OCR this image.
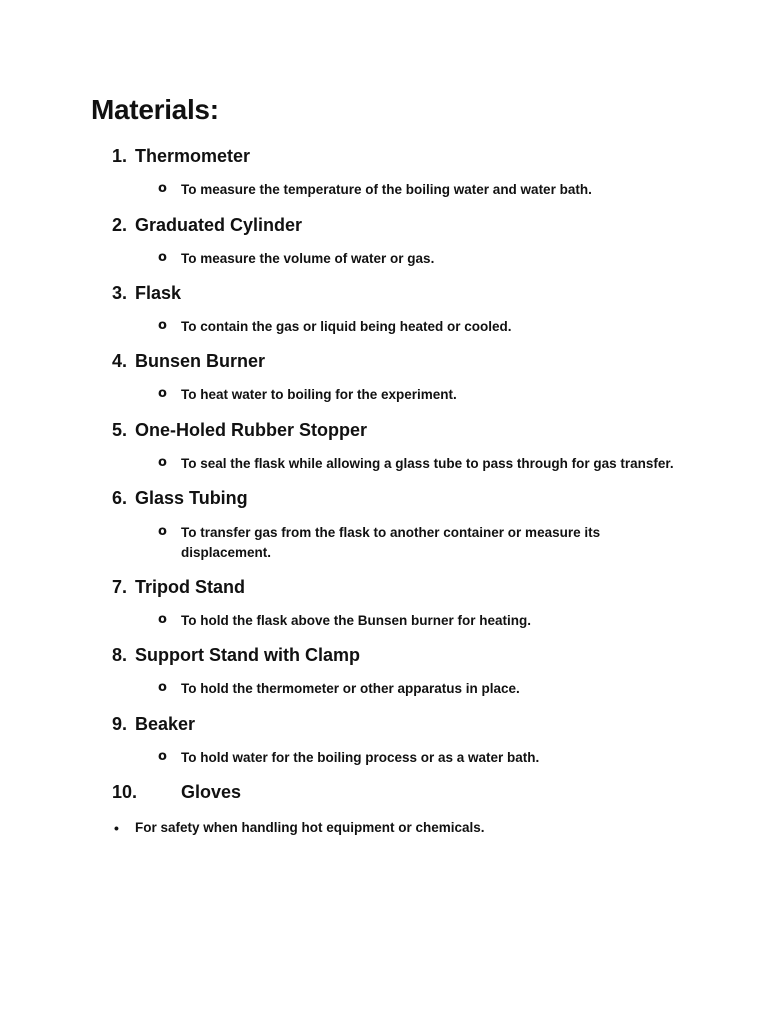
Materials:
1. Thermometer
o To measure the temperature of the boiling water and water bath.
2. Graduated Cylinder
o To measure the volume of water or gas.
3. Flask
o To contain the gas or liquid being heated or cooled.
4. Bunsen Burner
o To heat water to boiling for the experiment.
5. One-Holed Rubber Stopper
o To seal the flask while allowing a glass tube to pass through for gas transfer.
6. Glass Tubing
o To transfer gas from the flask to another container or measure its displacement.
7. Tripod Stand
o To hold the flask above the Bunsen burner for heating.
8. Support Stand with Clamp
o To hold the thermometer or other apparatus in place.
9. Beaker
o To hold water for the boiling process or as a water bath.
10. Gloves
• For safety when handling hot equipment or chemicals.
